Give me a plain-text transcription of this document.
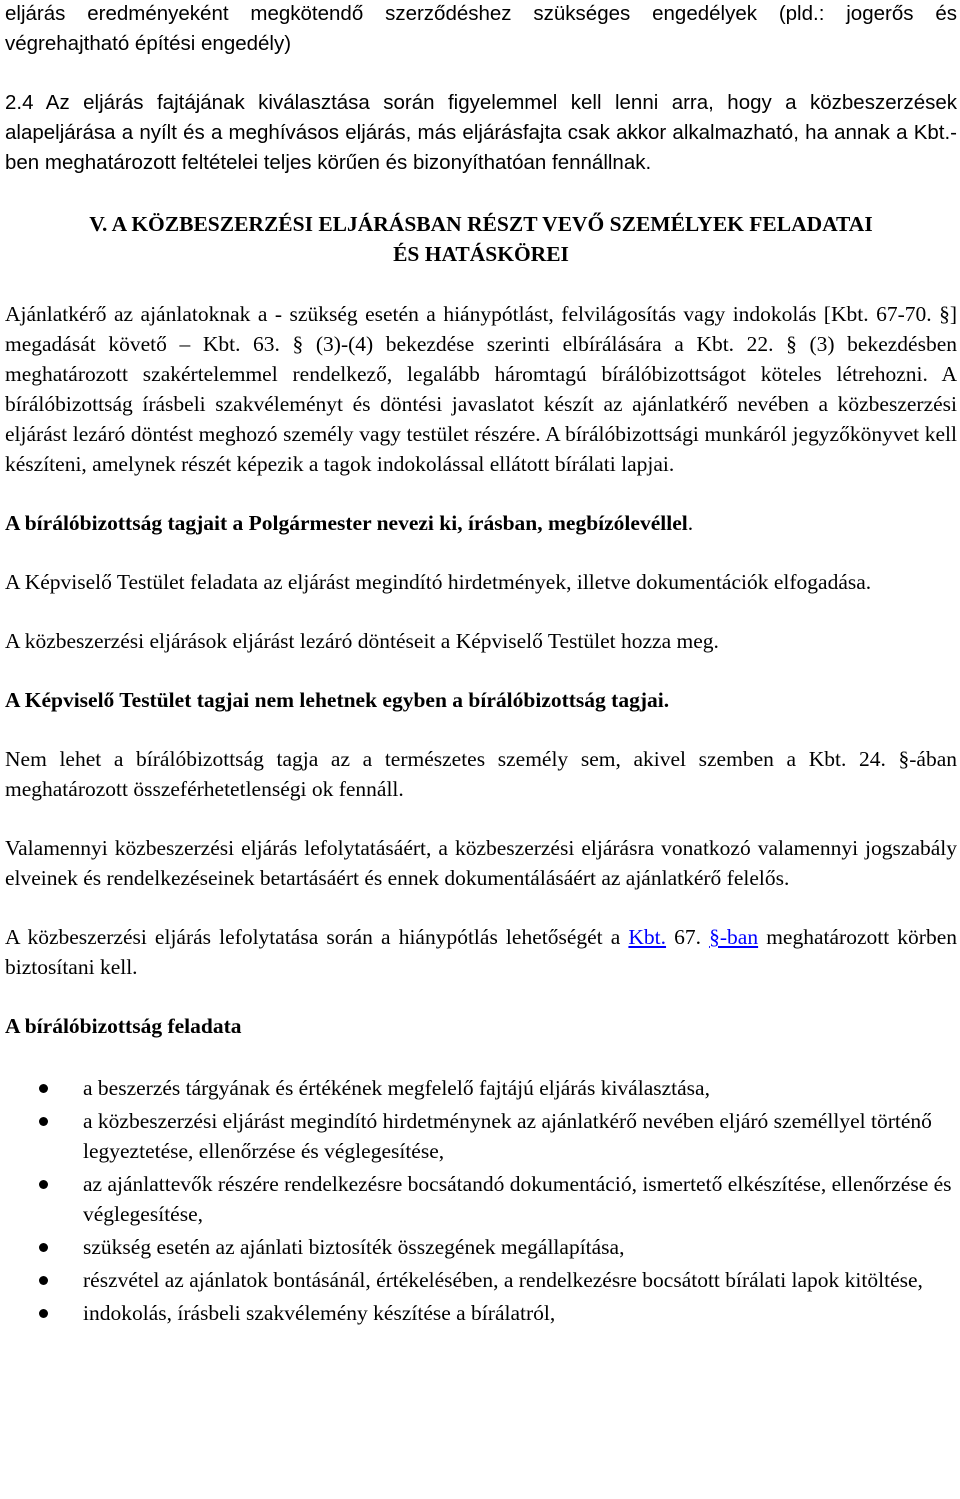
eljárás eredményeként megkötendő szerződéshez szükséges engedélyek (pld.: jogerős és végrehajtható építési engedély)

2.4 Az eljárás fajtájának kiválasztása során figyelemmel kell lenni arra, hogy a közbeszerzések alapeljárása a nyílt és a meghívásos eljárás, más eljárásfajta csak akkor alkalmazható, ha annak a Kbt.-ben meghatározott feltételei teljes körűen és bizonyíthatóan fennállnak.

V. A KÖZBESZERZÉSI ELJÁRÁSBAN RÉSZT VEVŐ SZEMÉLYEK FELADATAI

ÉS HATÁSKÖREI

Ajánlatkérő az ajánlatoknak a - szükség esetén a hiánypótlást, felvilágosítás vagy indokolás [Kbt. 67-70. §] megadását követő – Kbt. 63. § (3)-(4) bekezdése szerinti elbírálására a Kbt. 22. § (3) bekezdésben meghatározott szakértelemmel rendelkező, legalább háromtagú bírálóbizottságot köteles létrehozni. A bírálóbizottság írásbeli szakvéleményt és döntési javaslatot készít az ajánlatkérő nevében a közbeszerzési eljárást lezáró döntést meghozó személy vagy testület részére. A bírálóbizottsági munkáról jegyzőkönyvet kell készíteni, amelynek részét képezik a tagok indokolással ellátott bírálati lapjai.

A bírálóbizottság tagjait a Polgármester nevezi ki, írásban, megbízólevéllel.

A Képviselő Testület feladata az eljárást megindító hirdetmények, illetve dokumentációk elfogadása.

A közbeszerzési eljárások eljárást lezáró döntéseit a Képviselő Testület hozza meg.

A Képviselő Testület tagjai nem lehetnek egyben a bírálóbizottság tagjai.

Nem lehet a bírálóbizottság tagja az a természetes személy sem, akivel szemben a Kbt. 24. §-ában meghatározott összeférhetetlenségi ok fennáll.

Valamennyi közbeszerzési eljárás lefolytatásáért, a közbeszerzési eljárásra vonatkozó valamennyi jogszabály elveinek és rendelkezéseinek betartásáért és ennek dokumentálásáért az ajánlatkérő felelős.

A közbeszerzési eljárás lefolytatása során a hiánypótlás lehetőségét a Kbt. 67. §-ban meghatározott körben biztosítani kell.

A bírálóbizottság feladata

a beszerzés tárgyának és értékének megfelelő fajtájú eljárás kiválasztása,
a közbeszerzési eljárást megindító hirdetménynek az ajánlatkérő nevében eljáró személlyel történő legyeztetése, ellenőrzése és véglegesítése,
az ajánlattevők részére rendelkezésre bocsátandó dokumentáció, ismertető elkészítése, ellenőrzése és véglegesítése,
szükség esetén az ajánlati biztosíték összegének megállapítása,
részvétel az ajánlatok bontásánál, értékelésében, a rendelkezésre bocsátott bírálati lapok kitöltése,
indokolás, írásbeli szakvélemény készítése a bírálatról,
